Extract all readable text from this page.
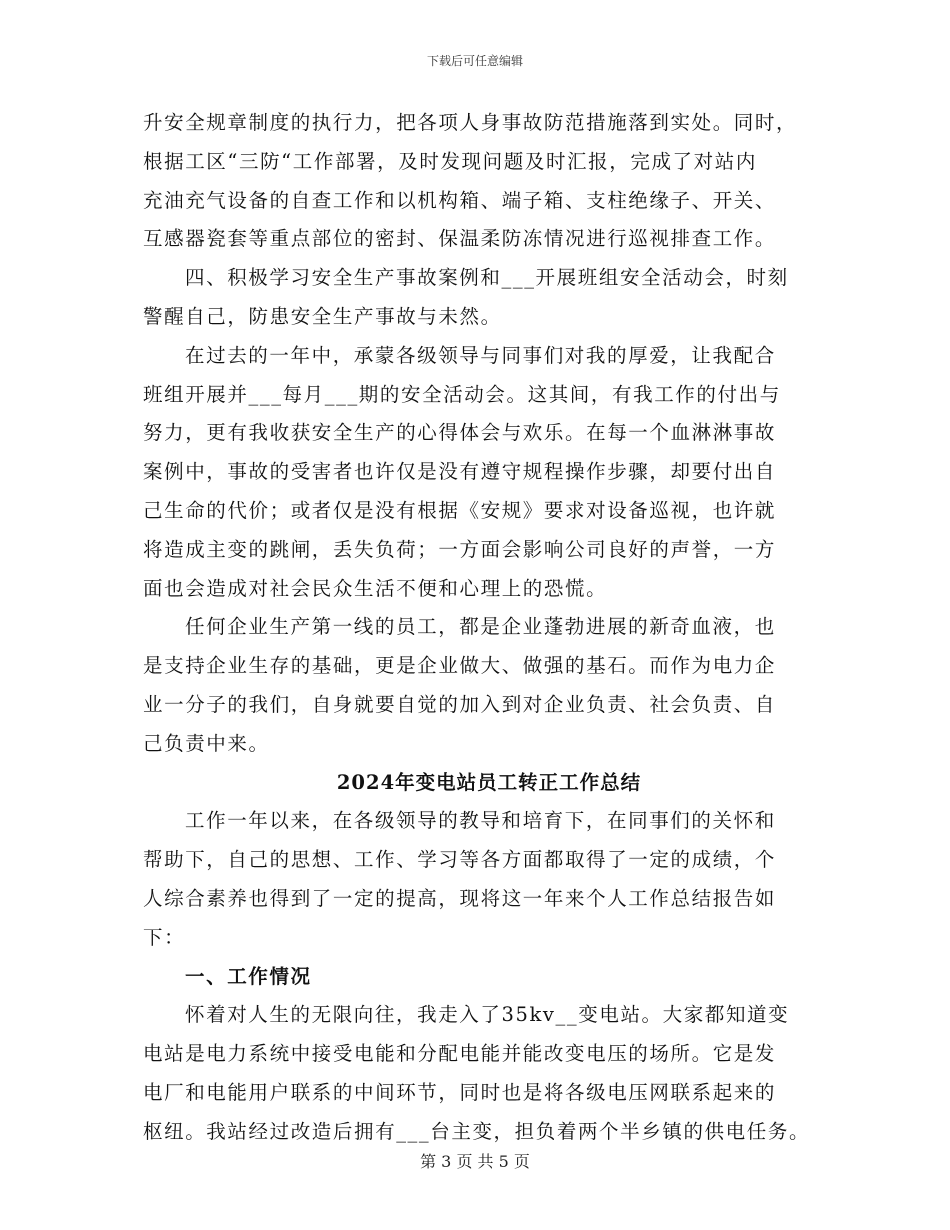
下载后可任意编辑

升安全规章制度的执行力，把各项人身事故防范措施落到实处。同时，

根据工区“三防“工作部署，及时发现问题及时汇报，完成了对站内

充油充气设备的自查工作和以机构箱、端子箱、支柱绝缘子、开关、

互感器瓷套等重点部位的密封、保温柔防冻情况进行巡视排查工作。

四、积极学习安全生产事故案例和___开展班组安全活动会，时刻

警醒自己，防患安全生产事故与未然。

在过去的一年中，承蒙各级领导与同事们对我的厚爱，让我配合

班组开展并___每月___期的安全活动会。这其间，有我工作的付出与

努力，更有我收获安全生产的心得体会与欢乐。在每一个血淋淋事故

案例中，事故的受害者也许仅是没有遵守规程操作步骤，却要付出自

己生命的代价；或者仅是没有根据《安规》要求对设备巡视，也许就

将造成主变的跳闸，丢失负荷；一方面会影响公司良好的声誉，一方

面也会造成对社会民众生活不便和心理上的恐慌。

任何企业生产第一线的员工，都是企业蓬勃进展的新奇血液，也

是支持企业生存的基础，更是企业做大、做强的基石。而作为电力企

业一分子的我们，自身就要自觉的加入到对企业负责、社会负责、自

己负责中来。

2024年变电站员工转正工作总结

工作一年以来，在各级领导的教导和培育下，在同事们的关怀和

帮助下，自己的思想、工作、学习等各方面都取得了一定的成绩，个

人综合素养也得到了一定的提高，现将这一年来个人工作总结报告如

下：

一、工作情况

怀着对人生的无限向往，我走入了35kv__变电站。大家都知道变

电站是电力系统中接受电能和分配电能并能改变电压的场所。它是发

电厂和电能用户联系的中间环节，同时也是将各级电压网联系起来的

枢纽。我站经过改造后拥有___台主变，担负着两个半乡镇的供电任务。

第 3 页 共 5 页
